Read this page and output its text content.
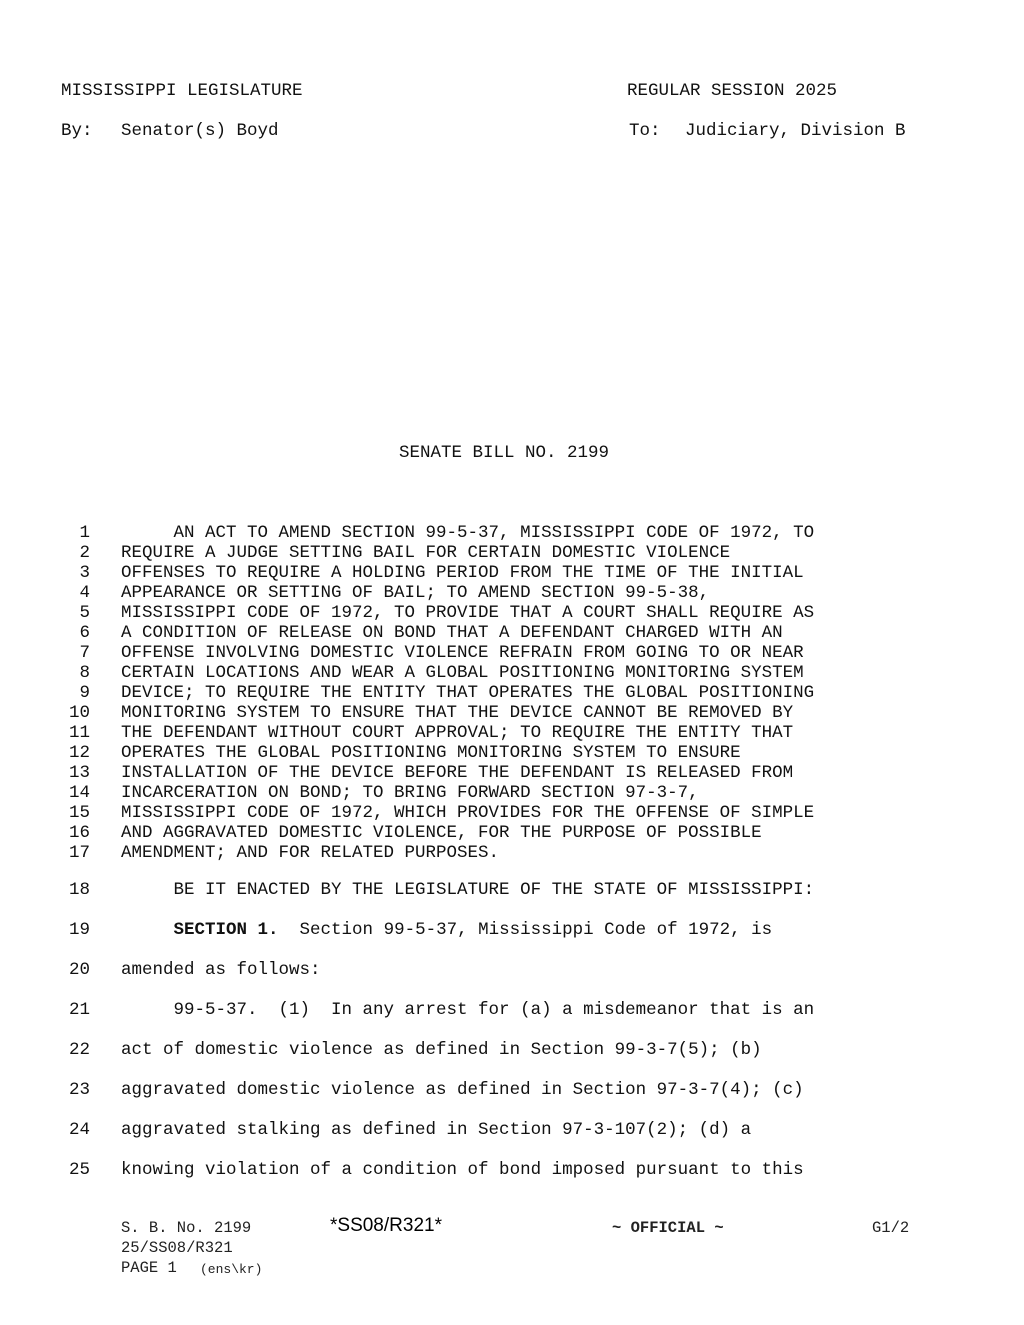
MISSISSIPPI LEGISLATURE	REGULAR SESSION 2025
By: Senator(s) Boyd	To: Judiciary, Division B
SENATE BILL NO. 2199
1 AN ACT TO AMEND SECTION 99-5-37, MISSISSIPPI CODE OF 1972, TO
2 REQUIRE A JUDGE SETTING BAIL FOR CERTAIN DOMESTIC VIOLENCE
3 OFFENSES TO REQUIRE A HOLDING PERIOD FROM THE TIME OF THE INITIAL
4 APPEARANCE OR SETTING OF BAIL; TO AMEND SECTION 99-5-38,
5 MISSISSIPPI CODE OF 1972, TO PROVIDE THAT A COURT SHALL REQUIRE AS
6 A CONDITION OF RELEASE ON BOND THAT A DEFENDANT CHARGED WITH AN
7 OFFENSE INVOLVING DOMESTIC VIOLENCE REFRAIN FROM GOING TO OR NEAR
8 CERTAIN LOCATIONS AND WEAR A GLOBAL POSITIONING MONITORING SYSTEM
9 DEVICE; TO REQUIRE THE ENTITY THAT OPERATES THE GLOBAL POSITIONING
10 MONITORING SYSTEM TO ENSURE THAT THE DEVICE CANNOT BE REMOVED BY
11 THE DEFENDANT WITHOUT COURT APPROVAL; TO REQUIRE THE ENTITY THAT
12 OPERATES THE GLOBAL POSITIONING MONITORING SYSTEM TO ENSURE
13 INSTALLATION OF THE DEVICE BEFORE THE DEFENDANT IS RELEASED FROM
14 INCARCERATION ON BOND; TO BRING FORWARD SECTION 97-3-7,
15 MISSISSIPPI CODE OF 1972, WHICH PROVIDES FOR THE OFFENSE OF SIMPLE
16 AND AGGRAVATED DOMESTIC VIOLENCE, FOR THE PURPOSE OF POSSIBLE
17 AMENDMENT; AND FOR RELATED PURPOSES.
18 BE IT ENACTED BY THE LEGISLATURE OF THE STATE OF MISSISSIPPI:
19	SECTION 1.  Section 99-5-37, Mississippi Code of 1972, is
20 amended as follows:
21 99-5-37.  (1)  In any arrest for (a) a misdemeanor that is an
22 act of domestic violence as defined in Section 99-3-7(5); (b)
23 aggravated domestic violence as defined in Section 97-3-7(4); (c)
24 aggravated stalking as defined in Section 97-3-107(2); (d) a
25 knowing violation of a condition of bond imposed pursuant to this
S. B. No. 2199	*SS08/R321*	~ OFFICIAL ~	G1/2
25/SS08/R321
PAGE 1 (ens\kr)
